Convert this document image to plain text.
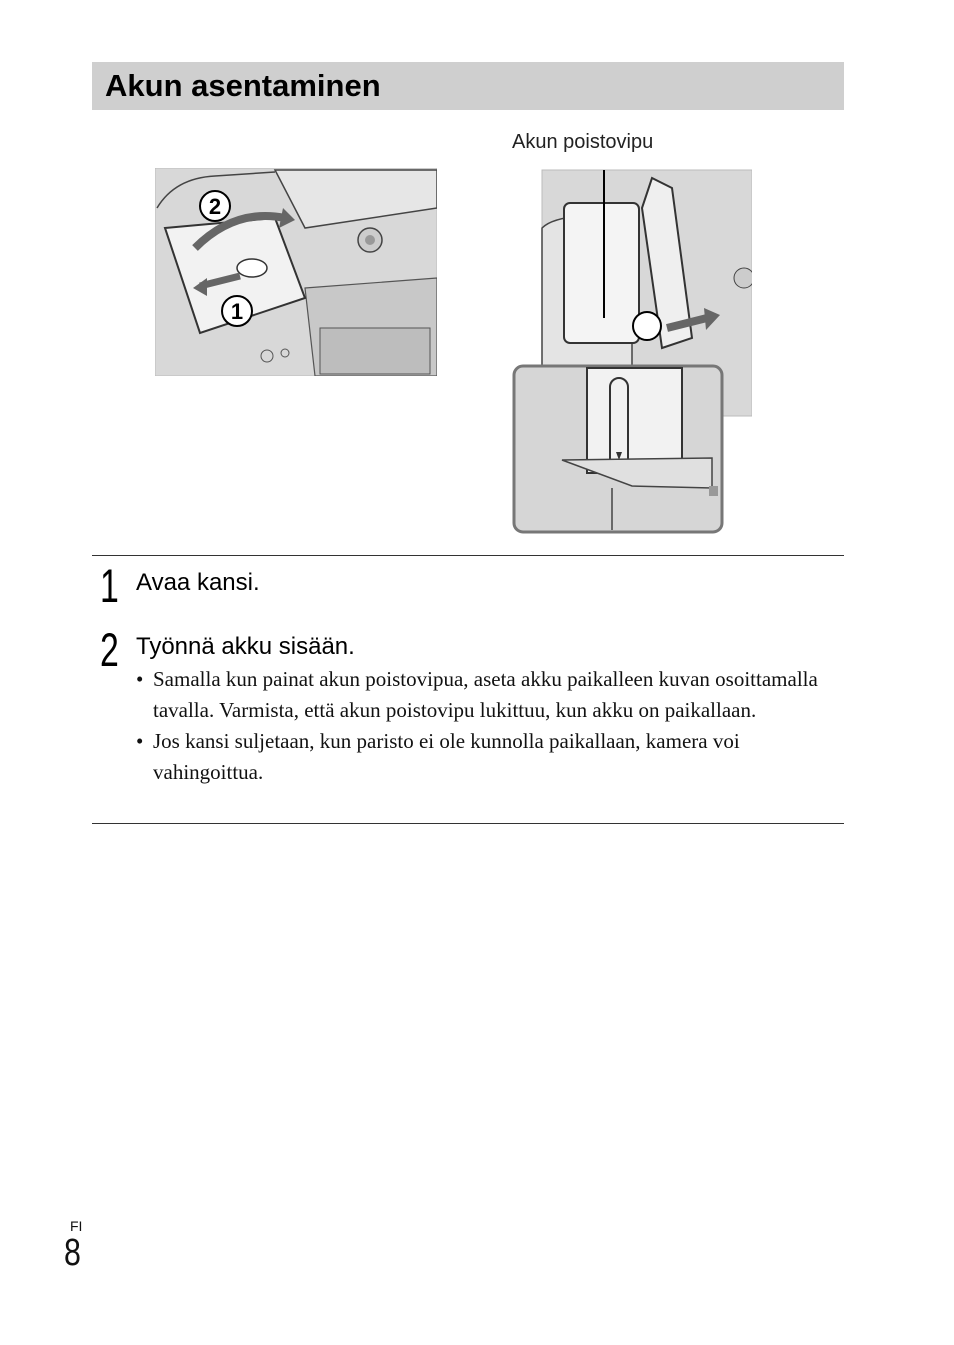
Akun asentaminen
2
1
Akun poistovipu
1 Avaa kansi.
2 Työnnä akku sisään.
• Samalla kun painat akun poistovipua, aseta akku paikalleen kuvan osoittamalla tavalla. Varmista, että akun poistovipu lukittuu, kun akku on paikallaan.
• Jos kansi suljetaan, kun paristo ei ole kunnolla paikallaan, kamera voi vahingoittua.
FI
8
